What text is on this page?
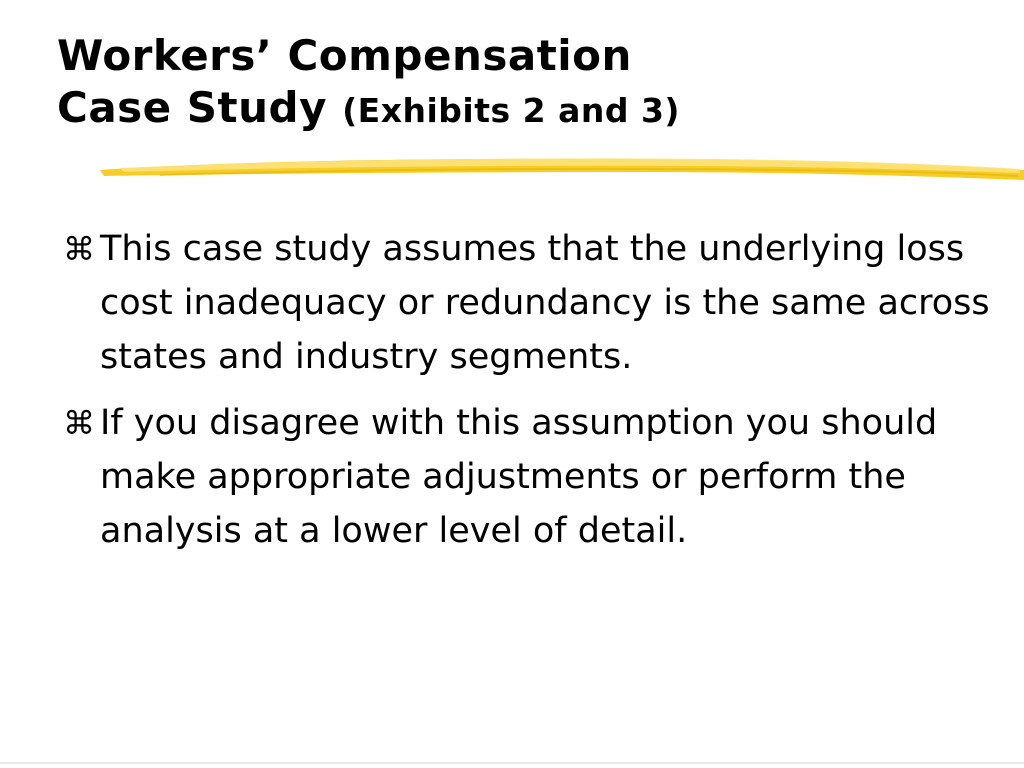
Workers’ Compensation
Case Study (Exhibits 2 and 3)
⌘ This case study assumes that the underlying loss cost inadequacy or redundancy is the same across states and industry segments.
⌘ If you disagree with this assumption you should make appropriate adjustments or perform the analysis at a lower level of detail.
